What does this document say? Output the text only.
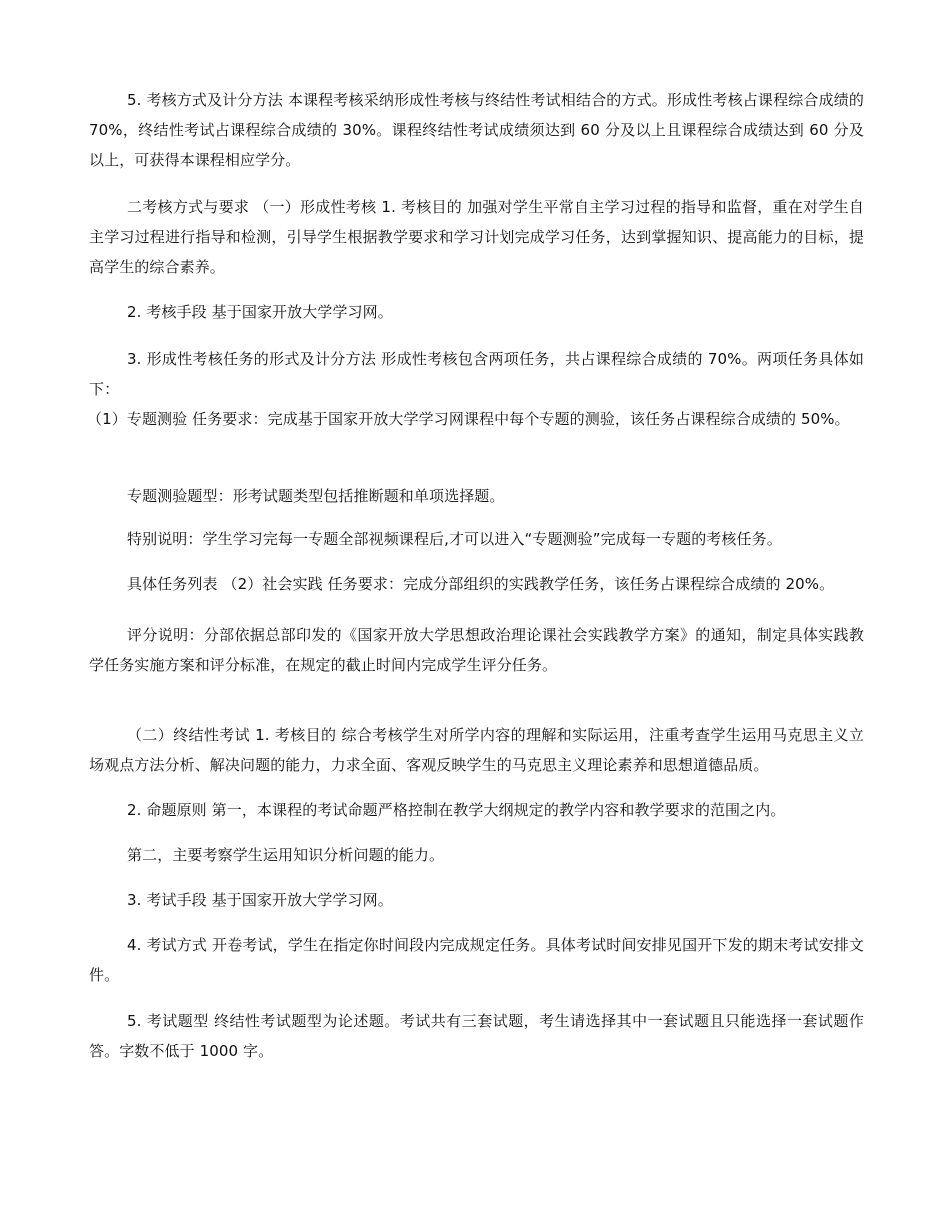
5. 考核方式及计分方法 本课程考核采纳形成性考核与终结性考试相结合的方式。形成性考核占课程综合成绩的 70%，终结性考试占课程综合成绩的 30%。课程终结性考试成绩须达到 60 分及以上且课程综合成绩达到 60 分及以上，可获得本课程相应学分。

二考核方式与要求 （一）形成性考核 1. 考核目的 加强对学生平常自主学习过程的指导和监督，重在对学生自主学习过程进行指导和检测，引导学生根据教学要求和学习计划完成学习任务，达到掌握知识、提高能力的目标，提高学生的综合素养。

2. 考核手段 基于国家开放大学学习网。

3. 形成性考核任务的形式及计分方法 形成性考核包含两项任务，共占课程综合成绩的 70%。两项任务具体如下：

（1）专题测验 任务要求：完成基于国家开放大学学习网课程中每个专题的测验，该任务占课程综合成绩的 50%。

专题测验题型：形考试题类型包括推断题和单项选择题。

特别说明：学生学习完每一专题全部视频课程后,才可以进入“专题测验”完成每一专题的考核任务。

具体任务列表 （2）社会实践 任务要求：完成分部组织的实践教学任务，该任务占课程综合成绩的 20%。

评分说明：分部依据总部印发的《国家开放大学思想政治理论课社会实践教学方案》的通知，制定具体实践教学任务实施方案和评分标准，在规定的截止时间内完成学生评分任务。

（二）终结性考试 1. 考核目的 综合考核学生对所学内容的理解和实际运用，注重考查学生运用马克思主义立场观点方法分析、解决问题的能力，力求全面、客观反映学生的马克思主义理论素养和思想道德品质。

2. 命题原则 第一，本课程的考试命题严格控制在教学大纲规定的教学内容和教学要求的范围之内。

第二，主要考察学生运用知识分析问题的能力。

3. 考试手段 基于国家开放大学学习网。

4. 考试方式 开卷考试，学生在指定你时间段内完成规定任务。具体考试时间安排见国开下发的期末考试安排文件。

5. 考试题型 终结性考试题型为论述题。考试共有三套试题，考生请选择其中一套试题且只能选择一套试题作答。字数不低于 1000 字。
